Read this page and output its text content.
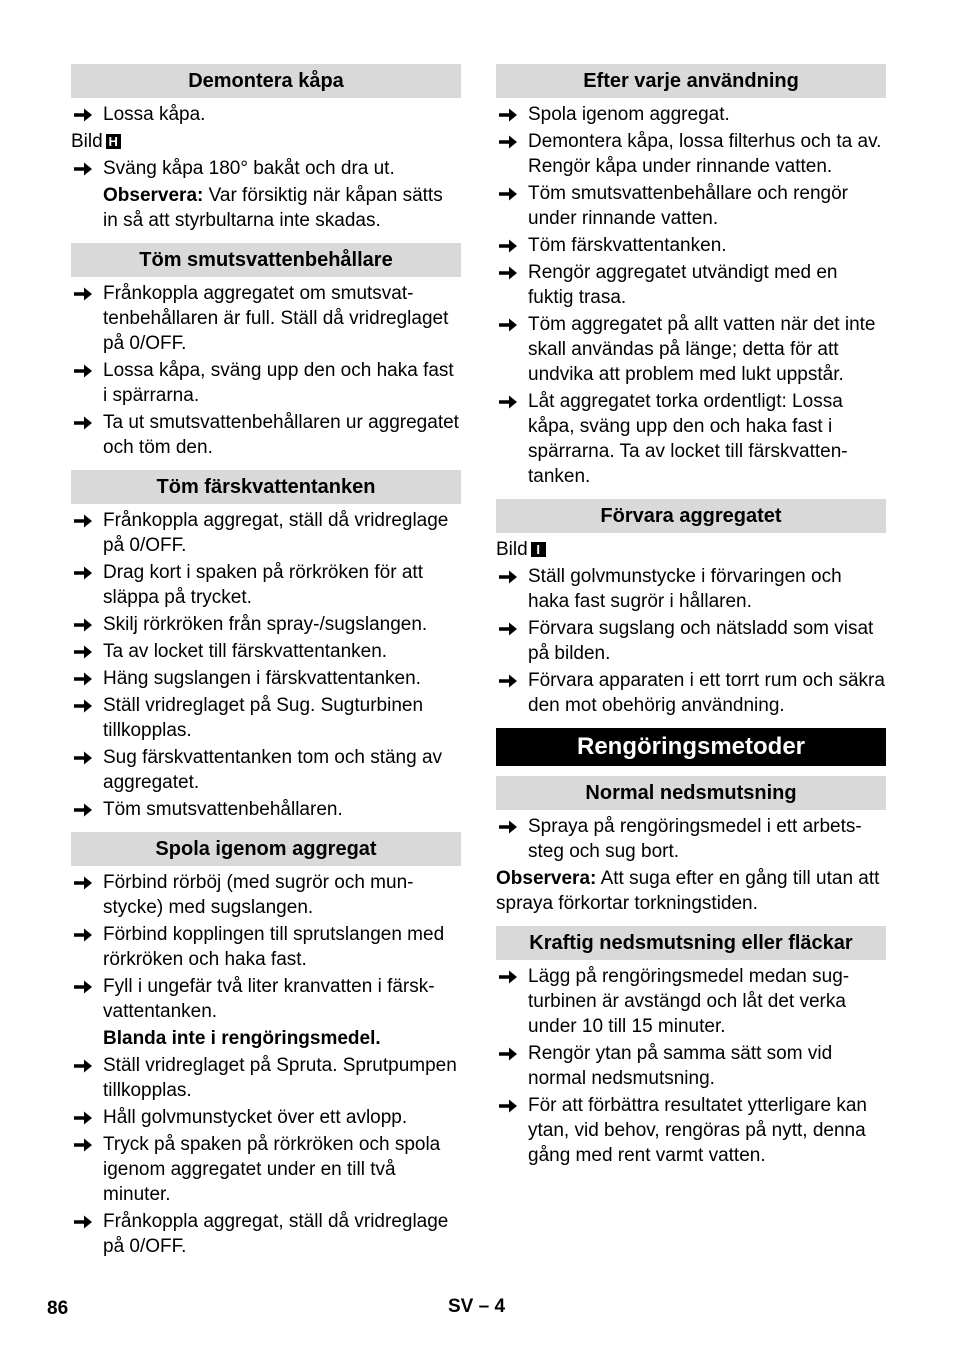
Demontera kåpa
Lossa kåpa.
Bild H
Sväng kåpa 180° bakåt och dra ut.
Observera: Var försiktig när kåpan sätts in så att styrbultarna inte skadas.
Töm smutsvattenbehållare
Frånkoppla aggregatet om smutsvattenbehållaren är full. Ställ då vridreglaget på 0/OFF.
Lossa kåpa, sväng upp den och haka fast i spärrarna.
Ta ut smutsvattenbehållaren ur aggregatet och töm den.
Töm färskvattentanken
Frånkoppla aggregat, ställ då vridreglage på 0/OFF.
Drag kort i spaken på rörkröken för att släppa på trycket.
Skilj rörkröken från spray-/sugslangen.
Ta av locket till färskvattentanken.
Häng sugslangen i färskvattentanken.
Ställ vridreglaget på Sug. Sugturbinen tillkopplas.
Sug färskvattentanken tom och stäng av aggregatet.
Töm smutsvattenbehållaren.
Spola igenom aggregat
Förbind rörböj (med sugrör och munstycke) med sugslangen.
Förbind kopplingen till sprutslangen med rörkröken och haka fast.
Fyll i ungefär två liter kranvatten i färskvattentanken.
Blanda inte i rengöringsmedel.
Ställ vridreglaget på Spruta. Sprutpumpen tillkopplas.
Håll golvmunstycket över ett avlopp.
Tryck på spaken på rörkröken och spola igenom aggregatet under en till två minuter.
Frånkoppla aggregat, ställ då vridreglage på 0/OFF.
Efter varje användning
Spola igenom aggregat.
Demontera kåpa, lossa filterhus och ta av. Rengör kåpa under rinnande vatten.
Töm smutsvattenbehållare och rengör under rinnande vatten.
Töm färskvattentanken.
Rengör aggregatet utvändigt med en fuktig trasa.
Töm aggregatet på allt vatten när det inte skall användas på länge; detta för att undvika att problem med lukt uppstår.
Låt aggregatet torka ordentligt: Lossa kåpa, sväng upp den och haka fast i spärrarna. Ta av locket till färskvattentanken.
Förvara aggregatet
Bild I
Ställ golvmunstycke i förvaringen och haka fast sugrör i hållaren.
Förvara sugslang och nätsladd som visat på bilden.
Förvara apparaten i ett torrt rum och säkra den mot obehörig användning.
Rengöringsmetoder
Normal nedsmutsning
Spraya på rengöringsmedel i ett arbetssteg och sug bort.
Observera: Att suga efter en gång till utan att spraya förkortar torkningstiden.
Kraftig nedsmutsning eller fläckar
Lägg på rengöringsmedel medan sugturbinen är avstängd och låt det verka under 10 till 15 minuter.
Rengör ytan på samma sätt som vid normal nedsmutsning.
För att förbättra resultatet ytterligare kan ytan, vid behov, rengöras på nytt, denna gång med rent varmt vatten.
86	SV – 4
